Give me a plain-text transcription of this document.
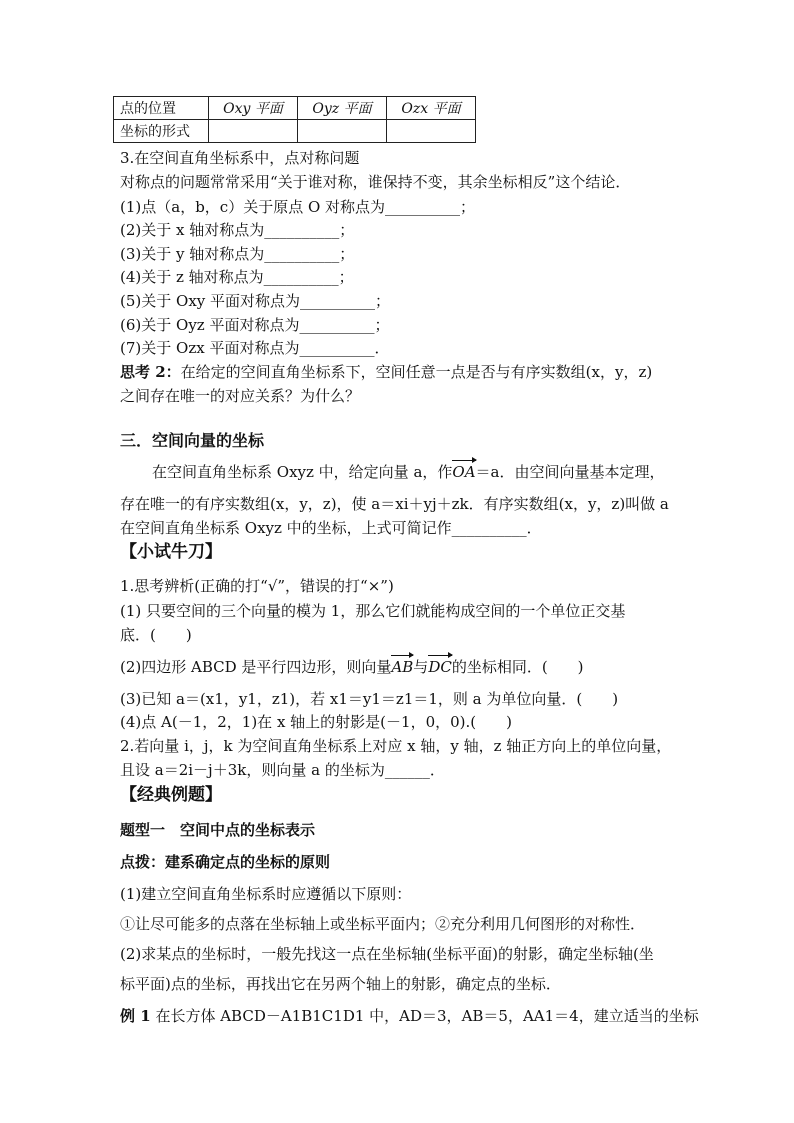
点的位置	Oxy 平面	Oyz 平面	Ozx 平面
坐标的形式			
3.在空间直角坐标系中，点对称问题
对称点的问题常常采用“关于谁对称，谁保持不变，其余坐标相反”这个结论．
(1)点（a，b，c）关于原点 O 对称点为__________；
(2)关于 x 轴对称点为__________；
(3)关于 y 轴对称点为__________；
(4)关于 z 轴对称点为__________；
(5)关于 Oxy 平面对称点为__________；
(6)关于 Oyz 平面对称点为__________；
(7)关于 Ozx 平面对称点为__________．
思考 2：在给定的空间直角坐标系下，空间任意一点是否与有序实数组(x，y，z)
之间存在唯一的对应关系？为什么？
三．空间向量的坐标
在空间直角坐标系 Oxyz 中，给定向量 a，作OA＝a．由空间向量基本定理，
存在唯一的有序实数组(x，y，z)，使 a＝xi＋yj＋zk．有序实数组(x，y，z)叫做 a
在空间直角坐标系 Oxyz 中的坐标，上式可简记作__________．
【小试牛刀】
1.思考辨析(正确的打“√”，错误的打“×”)
(1) 只要空间的三个向量的模为 1，那么它们就能构成空间的一个单位正交基
底．(　　)
(2)四边形 ABCD 是平行四边形，则向量AB与DC的坐标相同．(　　)
(3)已知 a＝(x1，y1，z1)，若 x1＝y1＝z1＝1，则 a 为单位向量．(　　)
(4)点 A(－1，2，1)在 x 轴上的射影是(－1，0，0).(　　)
2.若向量 i，j，k 为空间直角坐标系上对应 x 轴，y 轴，z 轴正方向上的单位向量，
且设 a＝2i－j＋3k，则向量 a 的坐标为______．
【经典例题】
题型一　空间中点的坐标表示
点拨：建系确定点的坐标的原则
(1)建立空间直角坐标系时应遵循以下原则：
①让尽可能多的点落在坐标轴上或坐标平面内；②充分利用几何图形的对称性．
(2)求某点的坐标时，一般先找这一点在坐标轴(坐标平面)的射影，确定坐标轴(坐
标平面)点的坐标，再找出它在另两个轴上的射影，确定点的坐标．
例 1 在长方体 ABCD－A1B1C1D1 中，AD＝3，AB＝5，AA1＝4，建立适当的坐标
